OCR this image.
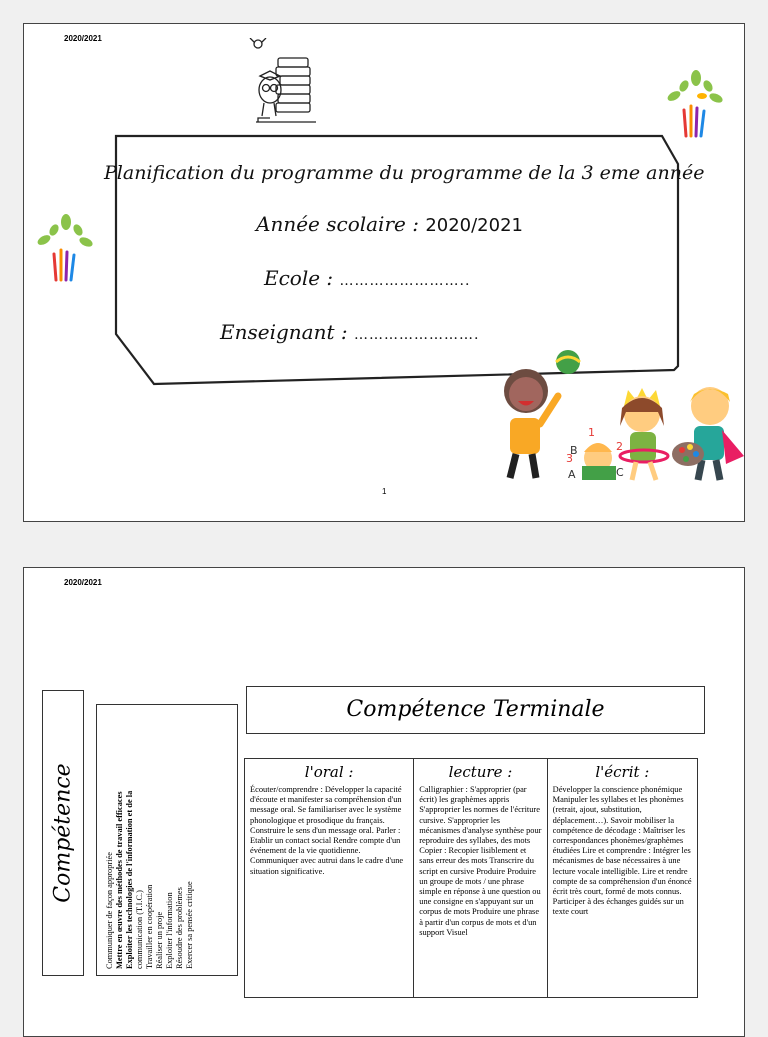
2020/2021
Planification du programme du programme de la 3 eme année
Année scolaire : 2020/2021
Ecole : ……………………..
Enseignant : …………………….
1
2
3
A
B
C
1
2020/2021
Compétence
Communiquer de façon appropriée Mettre en œuvre des méthodes de travail efficaces Exploiter les technologies de l'information et de la communication (T.I.C.) Travailler en coopération Réaliser un proje Exploiter l'information Résoudre des problèmes Exercer sa pensée critique
Compétence Terminale
l'oral :

Écouter/comprendre : Développer la capacité d'écoute et manifester sa compréhension d'un message oral. Se familiariser avec le système phonologique et prosodique du français. Construire le sens d'un message oral. Parler : Etablir un contact social Rendre compte d'un événement de la vie quotidienne. Communiquer avec autrui dans le cadre d'une situation significative.

lecture :

Calligraphier : S'approprier (par écrit) les graphèmes appris S'approprier les normes de l'écriture cursive. S'approprier les mécanismes d'analyse synthèse pour reproduire des syllabes, des mots Copier : Recopier lisiblement et sans erreur des mots Transcrire du script en cursive Produire Produire un groupe de mots / une phrase simple en réponse à une question ou une consigne en s'appuyant sur un corpus de mots Produire une phrase à partir d'un corpus de mots et d'un support Visuel

l'écrit :

Développer la conscience phonémique Manipuler les syllabes et les phonèmes (retrait, ajout, substitution, déplacement…). Savoir mobiliser la compétence de décodage : Maîtriser les correspondances phonèmes/graphèmes étudiées Lire et comprendre : Intégrer les mécanismes de base nécessaires à une lecture vocale intelligible. Lire et rendre compte de sa compréhension d'un énoncé écrit très court, formé de mots connus. Participer à des échanges guidés sur un texte court
